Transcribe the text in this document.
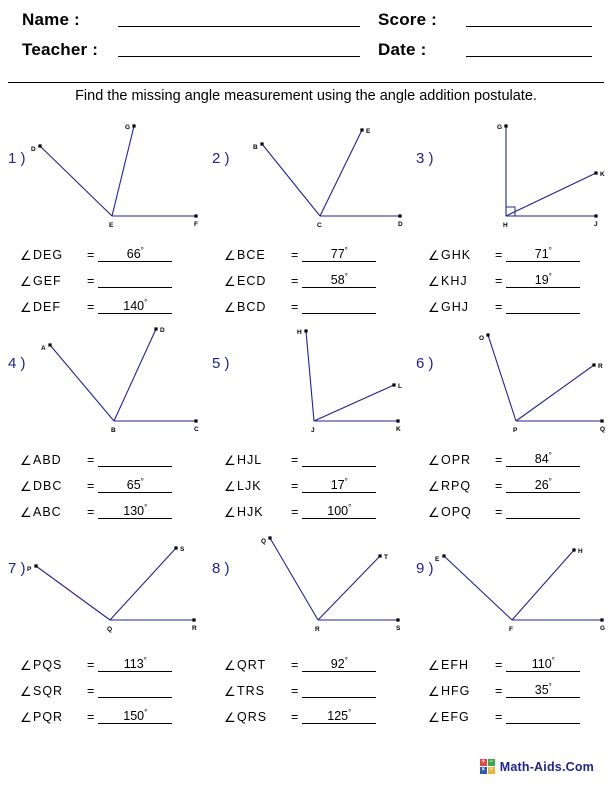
Name :	Score :
Teacher :	Date :
Find the missing angle measurement using the angle addition postulate.
1 )
D
G
F
E
∠ DEG	=	66°
∠ GEF	=
∠ DEF	=	140°
2 )
B
E
D
C
∠ BCE	=	77°
∠ ECD	=	58°
∠ BCD	=
3 )
G
K
J
H
∠ GHK	=	71°
∠ KHJ	=	19°
∠ GHJ	=
4 )
A
D
C
B
∠ ABD	=
∠ DBC	=	65°
∠ ABC	=	130°
5 )
H
L
K
J
∠ HJL	=
∠ LJK	=	17°
∠ HJK	=	100°
6 )
O
R
Q
P
∠ OPR	=	84°
∠ RPQ	=	26°
∠ OPQ	=
7 ) P
S
R
Q
∠ PQS	=	113°
∠ SQR	=
∠ PQR	=	150°
8 )
Q
T
S
R
∠ QRT	=	92°
∠ TRS	=
∠ QRS	=	125°
9 )
E
H
G
F
∠ EFH	=	110°
∠ HFG	=	35°
∠ EFG	=
+ −
× ÷ Math-Aids.Com
